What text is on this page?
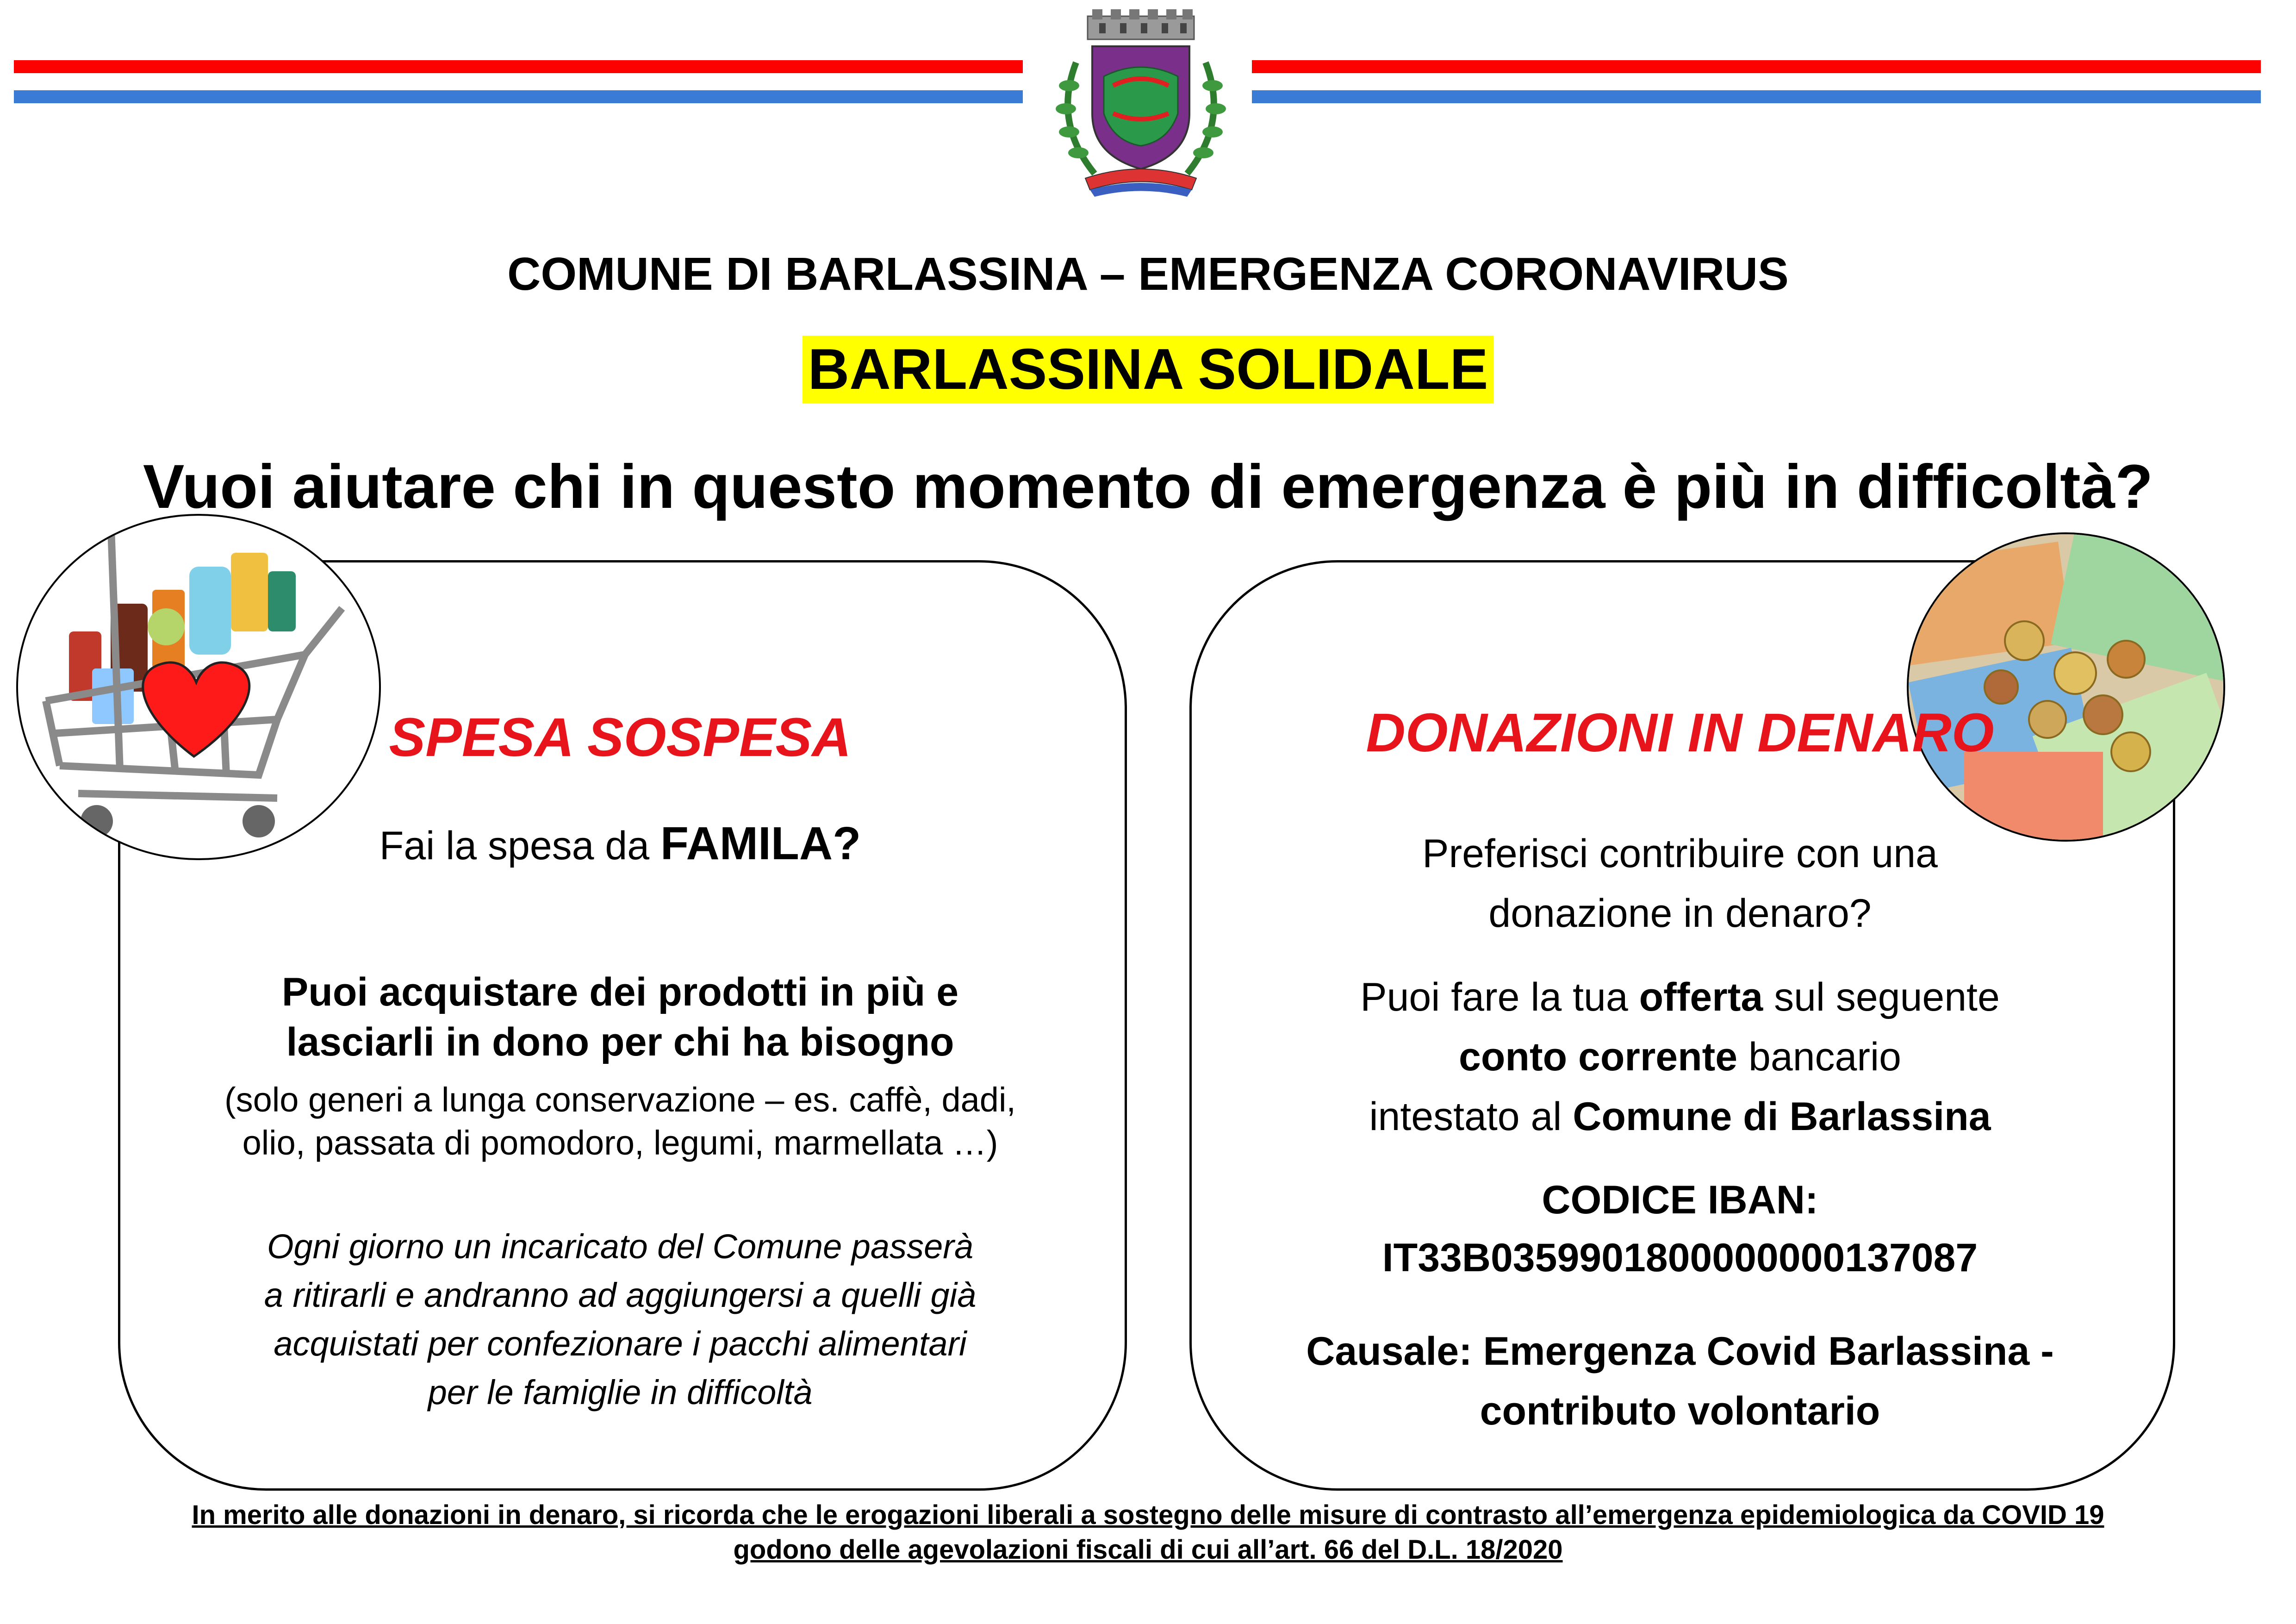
COMUNE DI BARLASSINA – EMERGENZA CORONAVIRUS
BARLASSINA SOLIDALE
Vuoi aiutare chi in questo momento di emergenza è più in difficoltà?
SPESA SOSPESA
Fai la spesa da FAMILA?
Puoi acquistare dei prodotti in più e
lasciarli in dono per chi ha bisogno
(solo generi a lunga conservazione – es. caffè, dadi,
olio, passata di pomodoro, legumi, marmellata …)
Ogni giorno un incaricato del Comune passerà
a ritirarli e andranno ad aggiungersi a quelli già
acquistati per confezionare i pacchi alimentari
per le famiglie in difficoltà
DONAZIONI IN DENARO
Preferisci contribuire con una
donazione in denaro?
Puoi fare la tua offerta sul seguente
conto corrente bancario
intestato al Comune di Barlassina
CODICE IBAN:
IT33B0359901800000000137087
Causale: Emergenza Covid Barlassina -
contributo volontario
In merito alle donazioni in denaro, si ricorda che le erogazioni liberali a sostegno delle misure di contrasto all’emergenza epidemiologica da COVID 19
godono delle agevolazioni fiscali di cui all’art. 66 del D.L. 18/2020
